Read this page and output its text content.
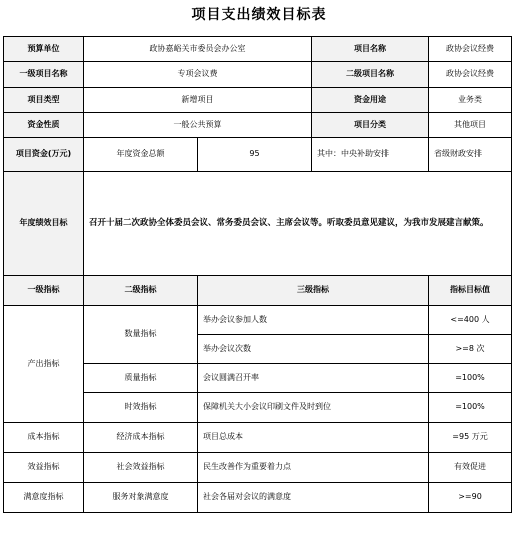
项目支出绩效目标表
预算单位	政协嘉峪关市委员会办公室		项目名称	政协会议经费
一级项目名称	专项会议费		二级项目名称	政协会议经费
项目类型	新增项目		资金用途	业务类
资金性质	一般公共预算		项目分类	其他项目
项目资金(万元)	年度资金总额	95	其中：中央补助安排	省级财政安排
年度绩效目标	召开十届二次政协全体委员会议、常务委员会议、主席会议等。听取委员意见建议，为我市发展建言献策。			
一级指标	二级指标	三级指标		指标目标值
产出指标	数量指标	举办会议参加人数		<=400 人
		举办会议次数		>=8 次
	质量指标	会议圆满召开率		=100%
	时效指标	保障机关大小会议印刷文件及时到位		=100%
成本指标	经济成本指标	项目总成本		=95 万元
效益指标	社会效益指标	民生改善作为重要着力点		有效促进
满意度指标	服务对象满意度	社会各届对会议的满意度		>=90
